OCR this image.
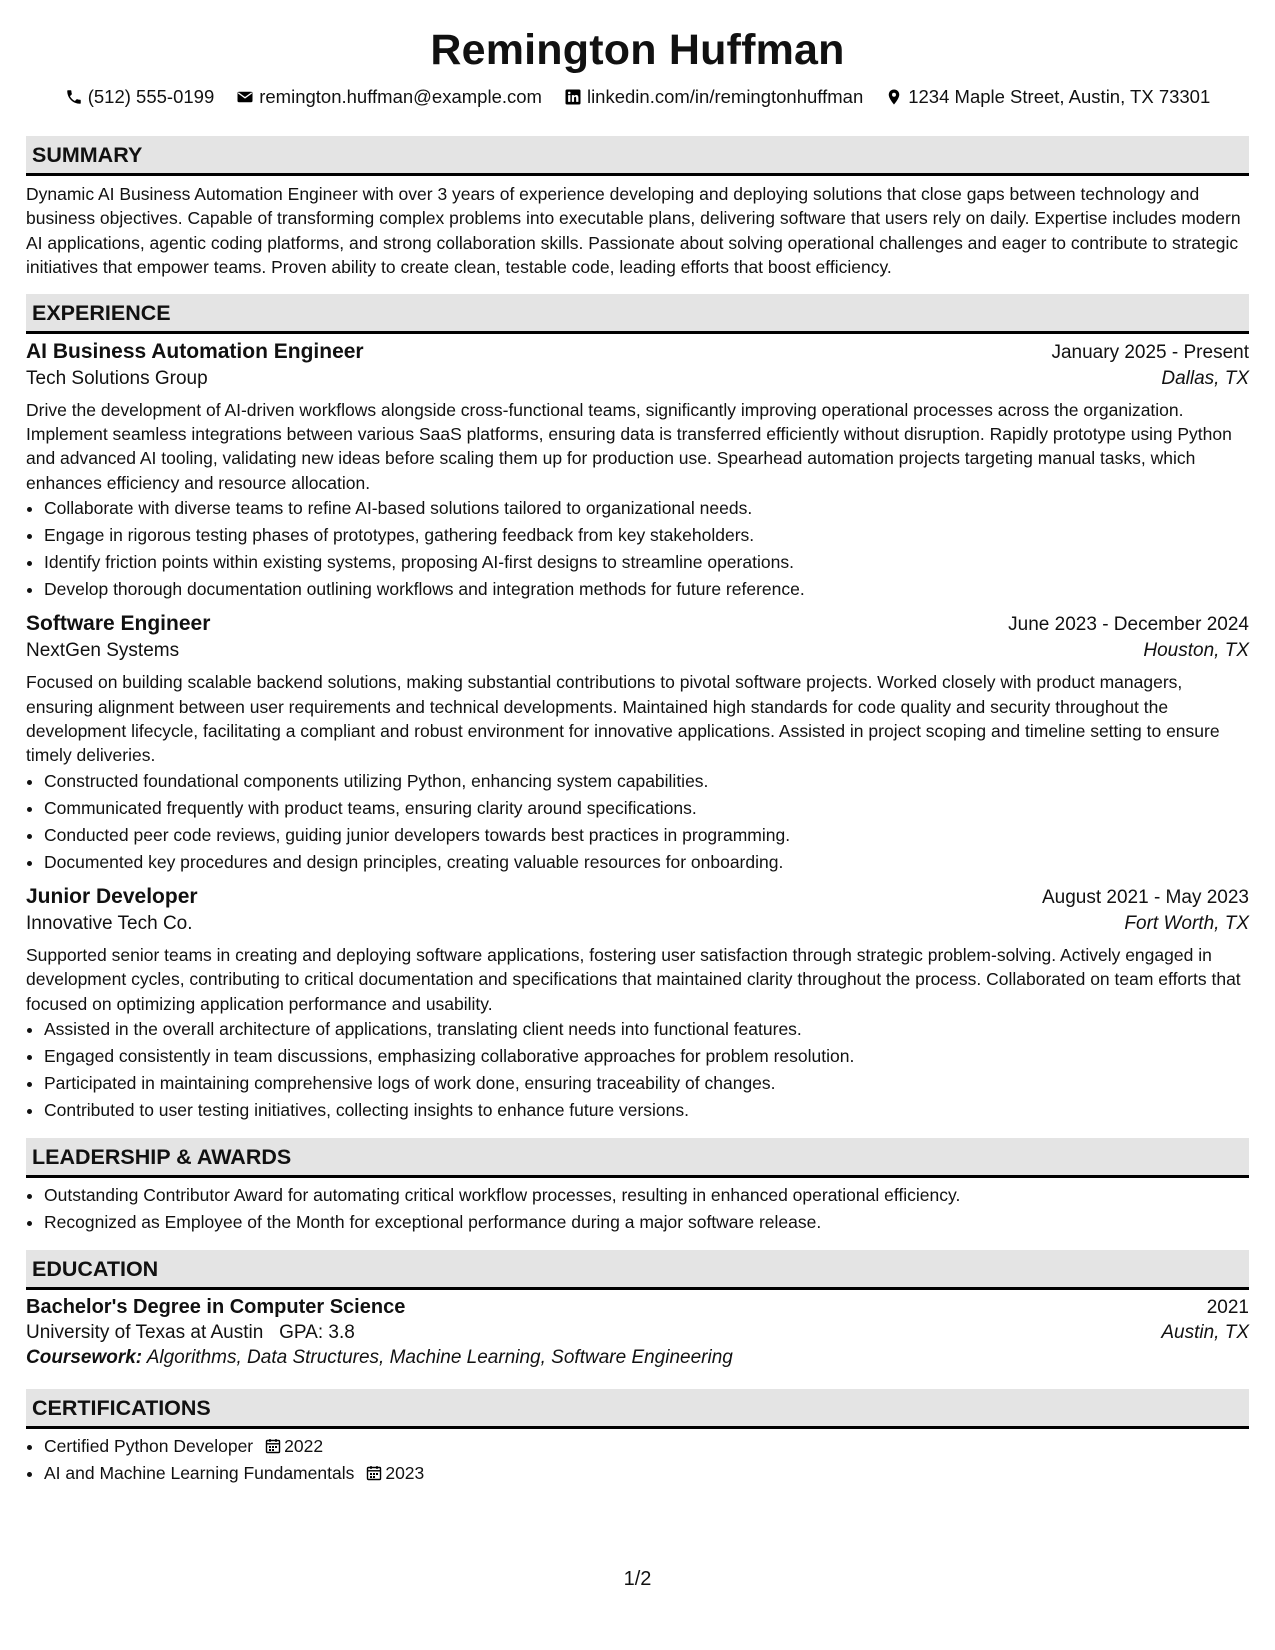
Remington Huffman
(512) 555-0199 remington.huffman@example.com linkedin.com/in/remingtonhuffman 1234 Maple Street, Austin, TX 73301
SUMMARY

Dynamic AI Business Automation Engineer with over 3 years of experience developing and deploying solutions that close gaps between technology and business objectives. Capable of transforming complex problems into executable plans, delivering software that users rely on daily. Expertise includes modern AI applications, agentic coding platforms, and strong collaboration skills. Passionate about solving operational challenges and eager to contribute to strategic initiatives that empower teams. Proven ability to create clean, testable code, leading efforts that boost efficiency.

EXPERIENCE
AI Business Automation Engineer	January 2025 - Present
Tech Solutions Group	Dallas, TX

Drive the development of AI-driven workflows alongside cross-functional teams, significantly improving operational processes across the organization. Implement seamless integrations between various SaaS platforms, ensuring data is transferred efficiently without disruption. Rapidly prototype using Python and advanced AI tooling, validating new ideas before scaling them up for production use. Spearhead automation projects targeting manual tasks, which enhances efficiency and resource allocation.

• Collaborate with diverse teams to refine AI-based solutions tailored to organizational needs.
• Engage in rigorous testing phases of prototypes, gathering feedback from key stakeholders.
• Identify friction points within existing systems, proposing AI-first designs to streamline operations.
• Develop thorough documentation outlining workflows and integration methods for future reference.
Software Engineer	June 2023 - December 2024
NextGen Systems	Houston, TX

Focused on building scalable backend solutions, making substantial contributions to pivotal software projects. Worked closely with product managers, ensuring alignment between user requirements and technical developments. Maintained high standards for code quality and security throughout the development lifecycle, facilitating a compliant and robust environment for innovative applications. Assisted in project scoping and timeline setting to ensure timely deliveries.

• Constructed foundational components utilizing Python, enhancing system capabilities.
• Communicated frequently with product teams, ensuring clarity around specifications.
• Conducted peer code reviews, guiding junior developers towards best practices in programming.
• Documented key procedures and design principles, creating valuable resources for onboarding.
Junior Developer	August 2021 - May 2023
Innovative Tech Co.	Fort Worth, TX

Supported senior teams in creating and deploying software applications, fostering user satisfaction through strategic problem-solving. Actively engaged in development cycles, contributing to critical documentation and specifications that maintained clarity throughout the process. Collaborated on team efforts that focused on optimizing application performance and usability.

• Assisted in the overall architecture of applications, translating client needs into functional features.
• Engaged consistently in team discussions, emphasizing collaborative approaches for problem resolution.
• Participated in maintaining comprehensive logs of work done, ensuring traceability of changes.
• Contributed to user testing initiatives, collecting insights to enhance future versions.
LEADERSHIP & AWARDS
• Outstanding Contributor Award for automating critical workflow processes, resulting in enhanced operational efficiency.
• Recognized as Employee of the Month for exceptional performance during a major software release.
EDUCATION
Bachelor's Degree in Computer Science	2021
University of Texas at Austin GPA: 3.8	Austin, TX
Coursework: Algorithms, Data Structures, Machine Learning, Software Engineering
CERTIFICATIONS
• Certified Python Developer 2022
• AI and Machine Learning Fundamentals 2023
1/2
